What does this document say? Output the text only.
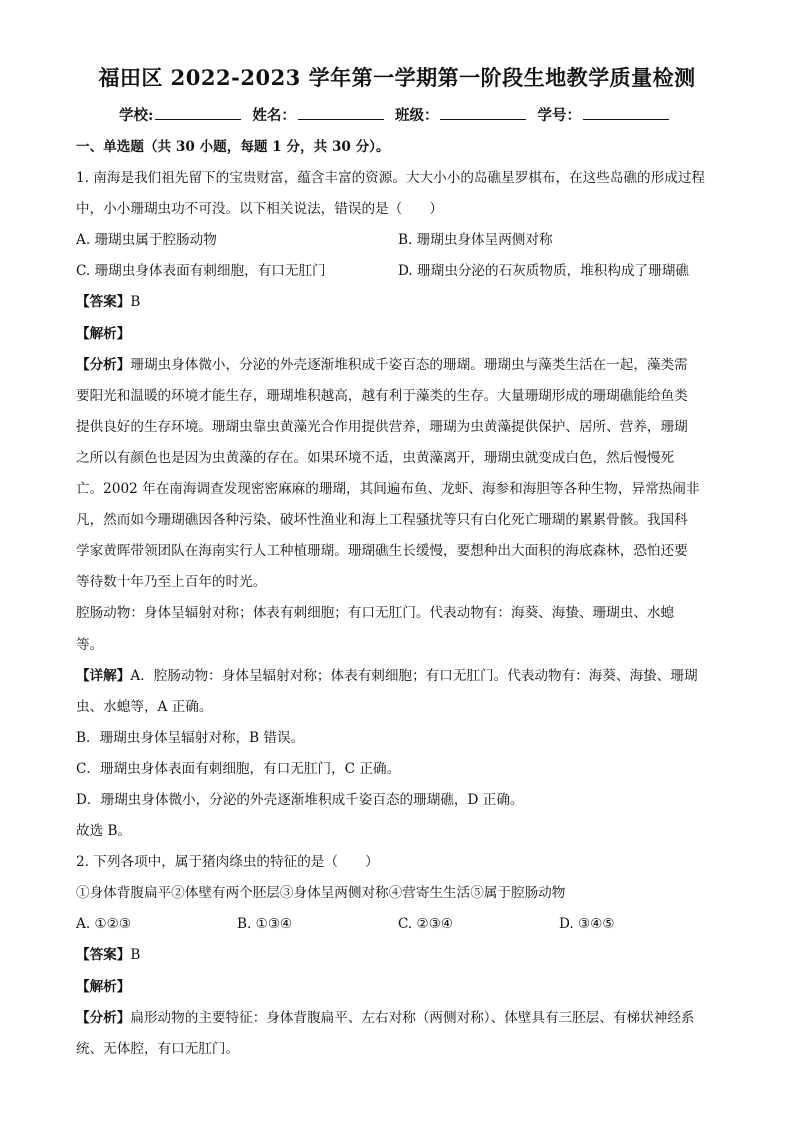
福田区 2022-2023 学年第一学期第一阶段生地教学质量检测
学校:	姓名：	班级：	学号：
一、单选题（共 30 小题，每题 1 分，共 30 分）。
1. 南海是我们祖先留下的宝贵财富，蕴含丰富的资源。大大小小的岛礁星罗棋布，在这些岛礁的形成过程
中，小小珊瑚虫功不可没。以下相关说法，错误的是（　　）
A. 珊瑚虫属于腔肠动物	B. 珊瑚虫身体呈两侧对称
C. 珊瑚虫身体表面有刺细胞，有口无肛门	D. 珊瑚虫分泌的石灰质物质，堆积构成了珊瑚礁
【答案】B
【解析】
【分析】珊瑚虫身体微小，分泌的外壳逐渐堆积成千姿百态的珊瑚。珊瑚虫与藻类生活在一起，藻类需
要阳光和温暖的环境才能生存，珊瑚堆积越高，越有利于藻类的生存。大量珊瑚形成的珊瑚礁能给鱼类
提供良好的生存环境。珊瑚虫靠虫黄藻光合作用提供营养，珊瑚为虫黄藻提供保护、居所、营养，珊瑚
之所以有颜色也是因为虫黄藻的存在。如果环境不适，虫黄藻离开，珊瑚虫就变成白色，然后慢慢死
亡。2002 年在南海调查发现密密麻麻的珊瑚，其间遍布鱼、龙虾、海参和海胆等各种生物，异常热闹非
凡，然而如今珊瑚礁因各种污染、破坏性渔业和海上工程骚扰等只有白化死亡珊瑚的累累骨骸。我国科
学家黄晖带领团队在海南实行人工种植珊瑚。珊瑚礁生长缓慢，要想种出大面积的海底森林，恐怕还要
等待数十年乃至上百年的时光。
腔肠动物：身体呈辐射对称；体表有刺细胞；有口无肛门。代表动物有：海葵、海蛰、珊瑚虫、水螅
等。
【详解】A．腔肠动物：身体呈辐射对称；体表有刺细胞；有口无肛门。代表动物有：海葵、海蛰、珊瑚
虫、水螅等，A 正确。
B．珊瑚虫身体呈辐射对称，B 错误。
C．珊瑚虫身体表面有刺细胞，有口无肛门，C 正确。
D．珊瑚虫身体微小，分泌的外壳逐渐堆积成千姿百态的珊瑚礁，D 正确。
故选 B。
2. 下列各项中，属于猪肉绦虫的特征的是（　　）
①身体背腹扁平②体壁有两个胚层③身体呈两侧对称④营寄生生活⑤属于腔肠动物
A. ①②③	B. ①③④	C. ②③④	D. ③④⑤
【答案】B
【解析】
【分析】扁形动物的主要特征：身体背腹扁平、左右对称（两侧对称）、体壁具有三胚层、有梯状神经系
统、无体腔，有口无肛门。
